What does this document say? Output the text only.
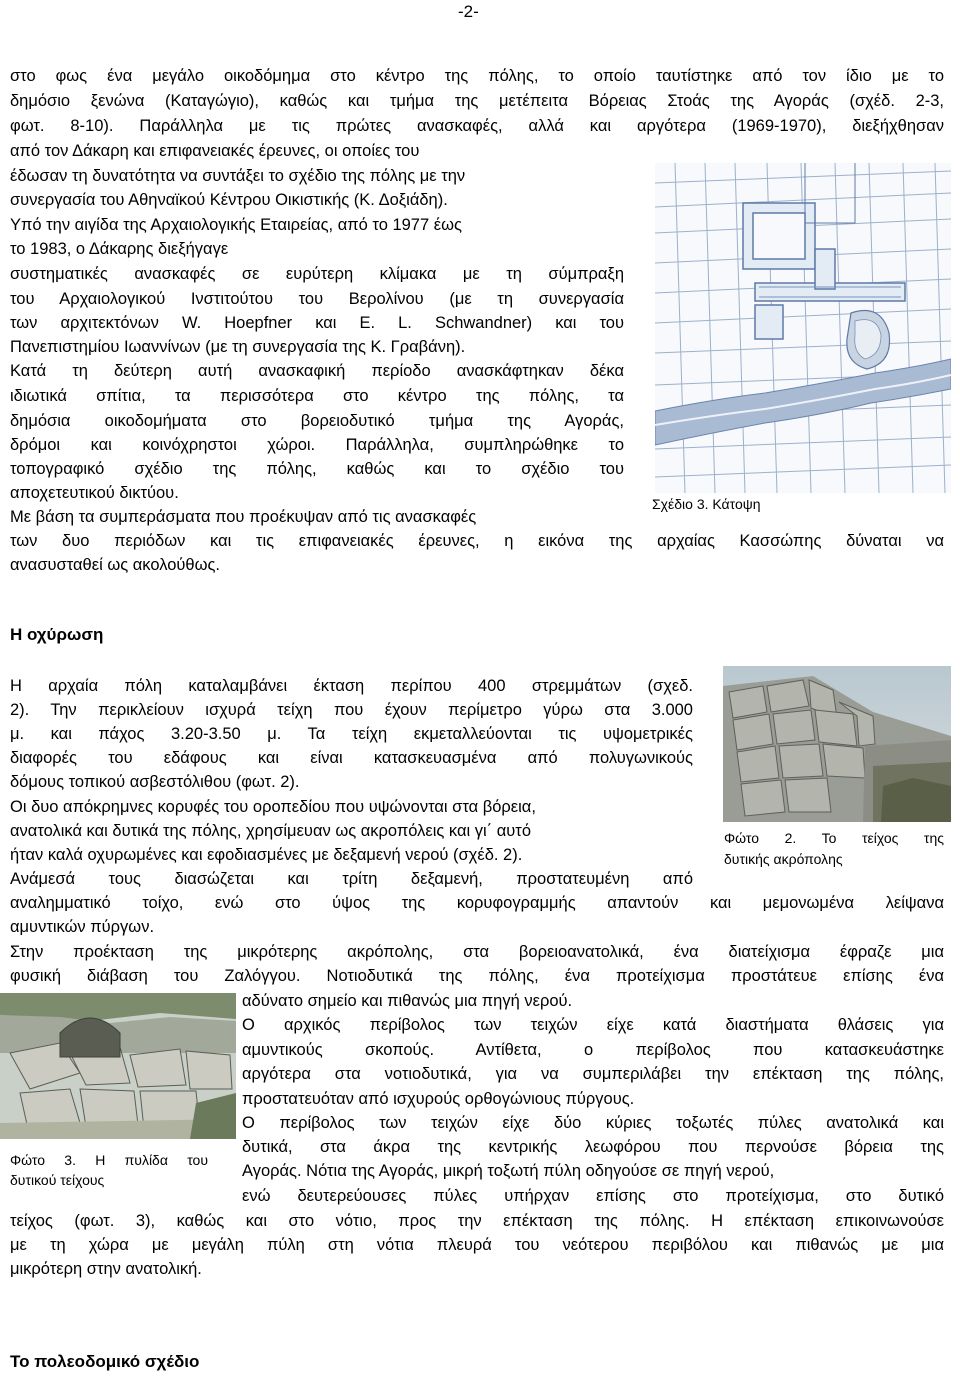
-2-
στο φως ένα μεγάλο οικοδόμημα στο κέντρο της πόλης, το οποίο ταυτίστηκε από τον ίδιο με το
δημόσιο ξενώνα (Καταγώγιο), καθώς και τμήμα της μετέπειτα Βόρειας Στοάς της Αγοράς (σχέδ. 2-3,
φωτ. 8-10). Παράλληλα με τις πρώτες ανασκαφές, αλλά και αργότερα (1969-1970), διεξήχθησαν
από τον Δάκαρη και επιφανειακές έρευνες, οι οποίες του
έδωσαν τη δυνατότητα να συντάξει το σχέδιο της πόλης με την
συνεργασία του Αθηναϊκού Κέντρου Οικιστικής (Κ. Δοξιάδη).
Υπό την αιγίδα της Αρχαιολογικής Εταιρείας, από το 1977 έως
το 1983, ο Δάκαρης διεξήγαγε
συστηματικές ανασκαφές σε ευρύτερη κλίμακα με τη σύμπραξη
του Αρχαιολογικού Ινστιτούτου του Βερολίνου (με τη συνεργασία
των αρχιτεκτόνων W. Hoepfner και E. L. Schwandner) και του
Πανεπιστημίου Ιωαννίνων (με τη συνεργασία της Κ. Γραβάνη).
Κατά τη δεύτερη αυτή ανασκαφική περίοδο ανασκάφτηκαν δέκα
ιδιωτικά σπίτια, τα περισσότερα στο κέντρο της πόλης, τα
δημόσια οικοδομήματα στο βορειοδυτικό τμήμα της Αγοράς,
δρόμοι και κοινόχρηστοι χώροι. Παράλληλα, συμπληρώθηκε το
τοπογραφικό σχέδιο της πόλης, καθώς και το σχέδιο του
αποχετευτικού δικτύου.
Με βάση τα συμπεράσματα που προέκυψαν από τις ανασκαφές
των δυο περιόδων και τις επιφανειακές έρευνες, η εικόνα της αρχαίας Κασσώπης δύναται να
ανασυσταθεί ως ακολούθως.
Σχέδιο 3. Κάτοψη
Η οχύρωση
Η αρχαία πόλη καταλαμβάνει έκταση περίπου 400 στρεμμάτων (σχεδ.
2). Την περικλείουν ισχυρά τείχη που έχουν περίμετρο γύρω στα 3.000
μ. και πάχος 3.20-3.50 μ. Τα τείχη εκμεταλλεύονται τις υψομετρικές
διαφορές του εδάφους και είναι κατασκευασμένα από πολυγωνικούς
δόμους τοπικού ασβεστόλιθου (φωτ. 2).
Οι δυο απόκρημνες κορυφές του οροπεδίου που υψώνονται στα βόρεια,
ανατολικά και δυτικά της πόλης, χρησίμευαν ως ακροπόλεις και γι΄ αυτό
ήταν καλά οχυρωμένες και εφοδιασμένες με δεξαμενή νερού (σχέδ. 2).
Ανάμεσά τους διασώζεται και τρίτη δεξαμενή, προστατευμένη από
αναλημματικό τοίχο, ενώ στο ύψος της κορυφογραμμής απαντούν και μεμονωμένα λείψανα
αμυντικών πύργων.
Στην προέκταση της μικρότερης ακρόπολης, στα βορειοανατολικά, ένα διατείχισμα έφραζε μια
φυσική διάβαση του Ζαλόγγου. Νοτιοδυτικά της πόλης, ένα προτείχισμα προστάτευε επίσης ένα
αδύνατο σημείο και πιθανώς μια πηγή νερού.
Ο αρχικός περίβολος των τειχών είχε κατά διαστήματα θλάσεις για
αμυντικούς σκοπούς. Αντίθετα, ο περίβολος που κατασκευάστηκε
αργότερα στα νοτιοδυτικά, για να συμπεριλάβει την επέκταση της πόλης,
προστατευόταν από ισχυρούς ορθογώνιους πύργους.
Ο περίβολος των τειχών είχε δύο κύριες τοξωτές πύλες ανατολικά και
δυτικά, στα άκρα της κεντρικής λεωφόρου που περνούσε βόρεια της
Αγοράς. Νότια της Αγοράς, μικρή τοξωτή πύλη οδηγούσε σε πηγή νερού,
ενώ δευτερεύουσες πύλες υπήρχαν επίσης στο προτείχισμα, στο δυτικό
τείχος (φωτ. 3), καθώς και στο νότιο, προς την επέκταση της πόλης. Η επέκταση επικοινωνούσε
με τη χώρα με μεγάλη πύλη στη νότια πλευρά του νεότερου περιβόλου και πιθανώς με μια
μικρότερη στην ανατολική.
Φώτο 2. Το τείχος της
δυτικής ακρόπολης
Φώτο 3. Η πυλίδα του
δυτικού τείχους
Το πολεοδομικό σχέδιο
